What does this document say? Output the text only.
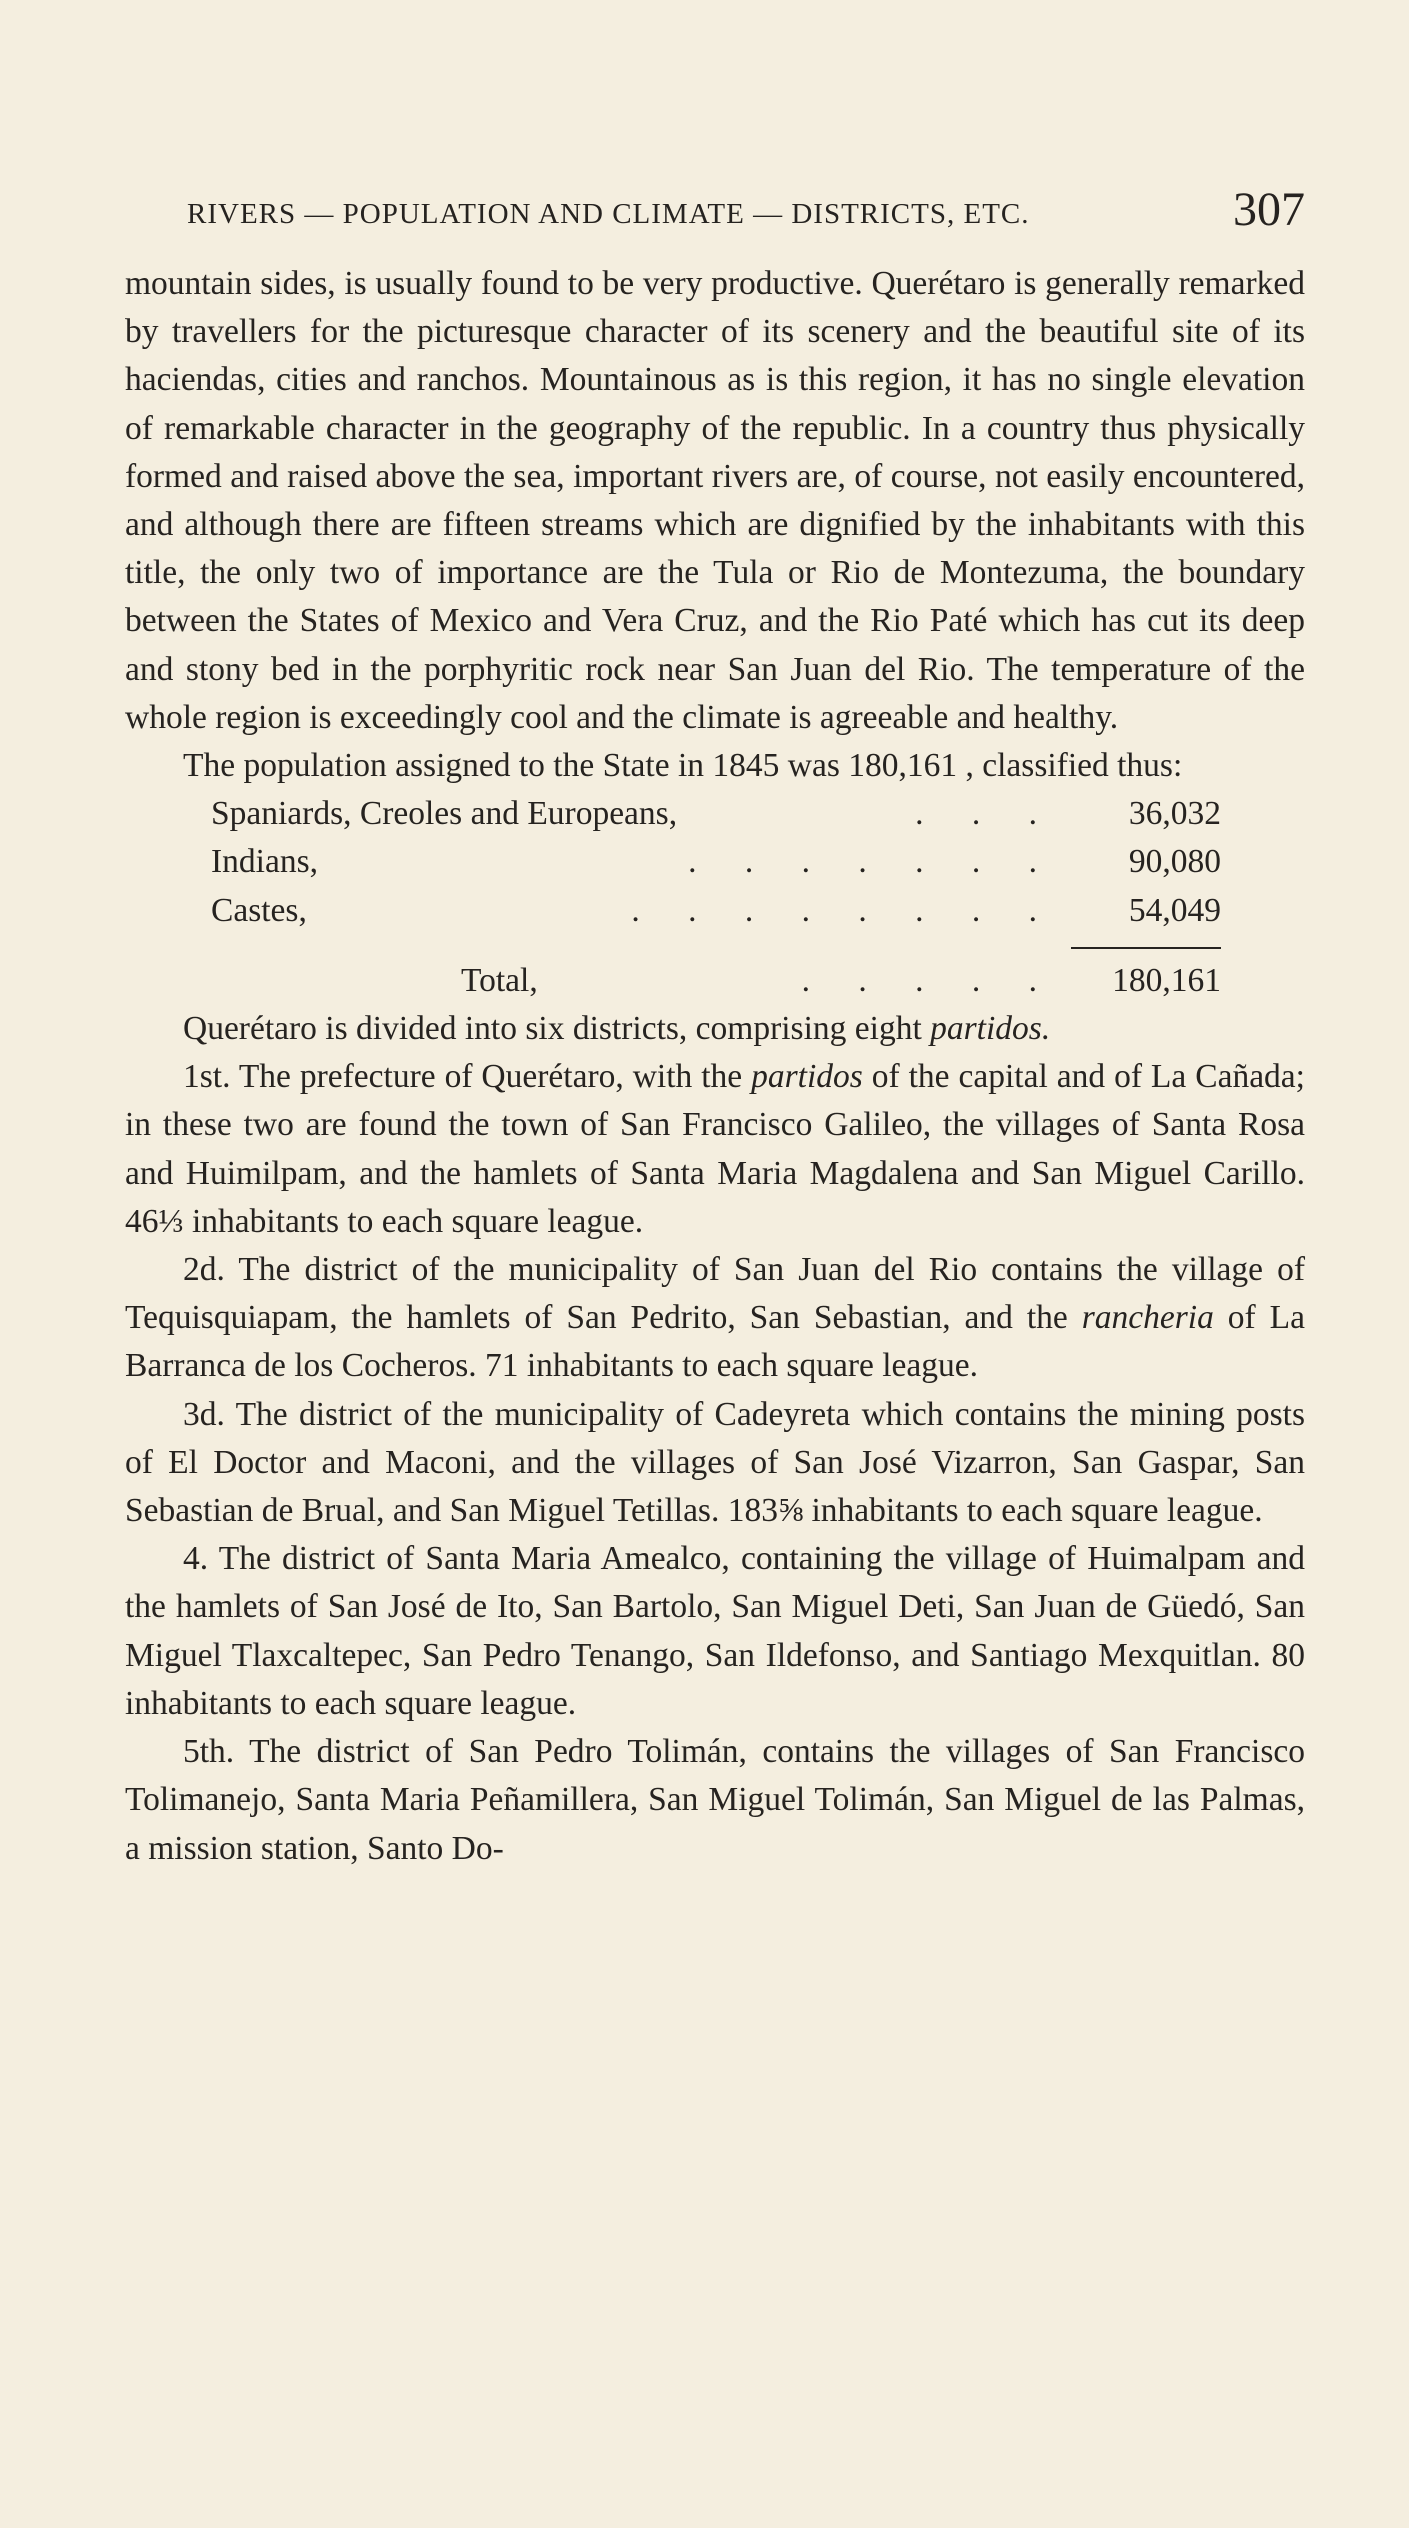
RIVERS — POPULATION AND CLIMATE — DISTRICTS, ETC.	307

mountain sides, is usually found to be very productive. Querétaro is generally remarked by travellers for the picturesque character of its scenery and the beautiful site of its haciendas, cities and ranchos. Mountainous as is this region, it has no single elevation of remarkable character in the geography of the republic. In a country thus physically formed and raised above the sea, important rivers are, of course, not easily encountered, and although there are fifteen streams which are dignified by the inhabitants with this title, the only two of importance are the Tula or Rio de Montezuma, the boundary between the States of Mexico and Vera Cruz, and the Rio Paté which has cut its deep and stony bed in the porphyritic rock near San Juan del Rio. The temperature of the whole region is exceedingly cool and the climate is agreeable and healthy.

The population assigned to the State in 1845 was 180,161 , classified thus:

Spaniards, Creoles and Europeans,	. . .	36,032
Indians,	. . . . . . .	90,080
Castes,	. . . . . . . .	54,049
Total,	. . . . .	180,161

Querétaro is divided into six districts, comprising eight partidos.

1st. The prefecture of Querétaro, with the partidos of the capital and of La Cañada; in these two are found the town of San Francisco Galileo, the villages of Santa Rosa and Huimilpam, and the hamlets of Santa Maria Magdalena and San Miguel Carillo. 46⅓ inhabitants to each square league.

2d. The district of the municipality of San Juan del Rio contains the village of Tequisquiapam, the hamlets of San Pedrito, San Sebastian, and the rancheria of La Barranca de los Cocheros. 71 inhabitants to each square league.

3d. The district of the municipality of Cadeyreta which contains the mining posts of El Doctor and Maconi, and the villages of San José Vizarron, San Gaspar, San Sebastian de Brual, and San Miguel Tetillas. 183⅝ inhabitants to each square league.

4. The district of Santa Maria Amealco, containing the village of Huimalpam and the hamlets of San José de Ito, San Bartolo, San Miguel Deti, San Juan de Güedó, San Miguel Tlaxcaltepec, San Pedro Tenango, San Ildefonso, and Santiago Mexquitlan. 80 inhabitants to each square league.

5th. The district of San Pedro Tolimán, contains the villages of San Francisco Tolimanejo, Santa Maria Peñamillera, San Miguel Tolimán, San Miguel de las Palmas, a mission station, Santo Do-
